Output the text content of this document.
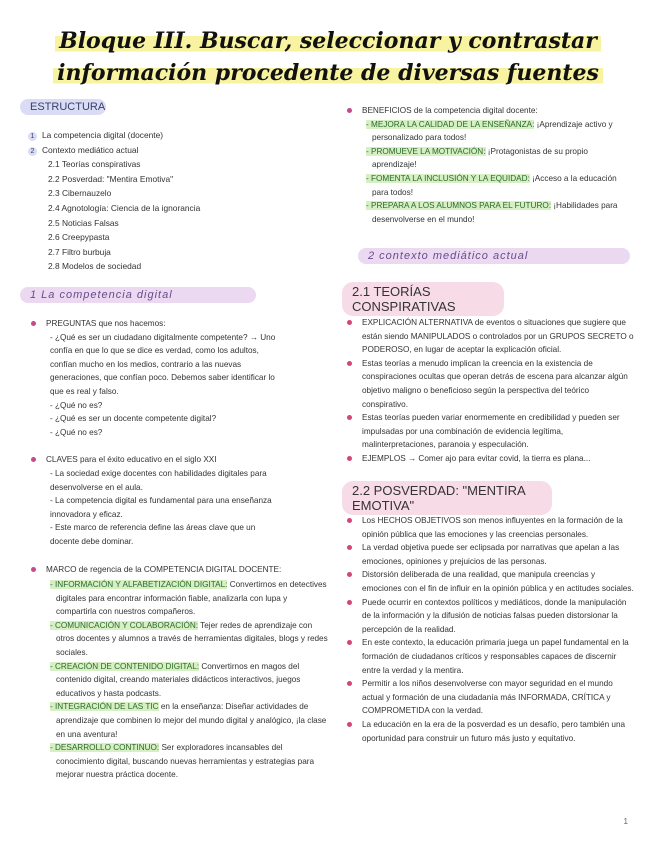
Bloque III. Buscar, seleccionar y contrastar
información procedente de diversas fuentes
ESTRUCTURA
1 La competencia digital (docente)
2 Contexto mediático actual
2.1 Teorías conspirativas
2.2 Posverdad: "Mentira Emotiva"
2.3 Cibernauzelo
2.4 Agnotología: Ciencia de la ignorancia
2.5 Noticias Falsas
2.6 Creepypasta
2.7 Filtro burbuja
2.8 Modelos de sociedad
1 La competencia digital
PREGUNTAS que nos hacemos:
- ¿Qué es ser un ciudadano digitalmente competente? → Uno
confía en que lo que se dice es verdad, como los adultos,
confían mucho en los medios, contrario a las nuevas
generaciones, que confían poco. Debemos saber identificar lo
que es real y falso.
- ¿Qué no es?
- ¿Qué es ser un docente competente digital?
- ¿Qué no es?
CLAVES para el éxito educativo en el siglo XXI
- La sociedad exige docentes con habilidades digitales para
desenvolverse en el aula.
- La competencia digital es fundamental para una enseñanza
innovadora y eficaz.
- Este marco de referencia define las áreas clave que un
docente debe dominar.
MARCO de regencia de la COMPETENCIA DIGITAL DOCENTE:
- INFORMACIÓN Y ALFABETIZACIÓN DIGITAL: Convertirnos en detectives digitales para encontrar información fiable, analizarla con lupa y compartirla con nuestros compañeros.
- COMUNICACIÓN Y COLABORACIÓN: Tejer redes de aprendizaje con otros docentes y alumnos a través de herramientas digitales, blogs y redes sociales.
- CREACIÓN DE CONTENIDO DIGITAL: Convertirnos en magos del contenido digital, creando materiales didácticos interactivos, juegos educativos y hasta podcasts.
- INTEGRACIÓN DE LAS TIC en la enseñanza: Diseñar actividades de aprendizaje que combinen lo mejor del mundo digital y analógico, ¡la clase en una aventura!
- DESARROLLO CONTINUO: Ser exploradores incansables del conocimiento digital, buscando nuevas herramientas y estrategias para mejorar nuestra práctica docente.
BENEFICIOS de la competencia digital docente:
- MEJORA LA CALIDAD DE LA ENSEÑANZA: ¡Aprendizaje activo y personalizado para todos!
- PROMUEVE LA MOTIVACIÓN: ¡Protagonistas de su propio aprendizaje!
- FOMENTA LA INCLUSIÓN Y LA EQUIDAD: ¡Acceso a la educación para todos!
- PREPARA A LOS ALUMNOS PARA EL FUTURO: ¡Habilidades para desenvolverse en el mundo!
2 contexto mediático actual
2.1 TEORÍAS CONSPIRATIVAS
EXPLICACIÓN ALTERNATIVA de eventos o situaciones que sugiere que están siendo MANIPULADOS o controlados por un GRUPOS SECRETO o PODEROSO, en lugar de aceptar la explicación oficial.
Estas teorías a menudo implican la creencia en la existencia de conspiraciones ocultas que operan detrás de escena para alcanzar algún objetivo maligno o beneficioso según la perspectiva del teórico conspirativo.
Estas teorías pueden variar enormemente en credibilidad y pueden ser impulsadas por una combinación de evidencia legítima, malinterpretaciones, paranoia y especulación.
EJEMPLOS → Comer ajo para evitar covid, la tierra es plana...
2.2 POSVERDAD: "MENTIRA EMOTIVA"
Los HECHOS OBJETIVOS son menos influyentes en la formación de la opinión pública que las emociones y las creencias personales.
La verdad objetiva puede ser eclipsada por narrativas que apelan a las emociones, opiniones y prejuicios de las personas.
Distorsión deliberada de una realidad, que manipula creencias y emociones con el fin de influir en la opinión pública y en actitudes sociales.
Puede ocurrir en contextos políticos y mediáticos, donde la manipulación de la información y la difusión de noticias falsas pueden distorsionar la percepción de la realidad.
En este contexto, la educación primaria juega un papel fundamental en la formación de ciudadanos críticos y responsables capaces de discernir entre la verdad y la mentira.
Permitir a los niños desenvolverse con mayor seguridad en el mundo actual y formación de una ciudadanía más INFORMADA, CRÍTICA y COMPROMETIDA con la verdad.
La educación en la era de la posverdad es un desafío, pero también una oportunidad para construir un futuro más justo y equitativo.
1
